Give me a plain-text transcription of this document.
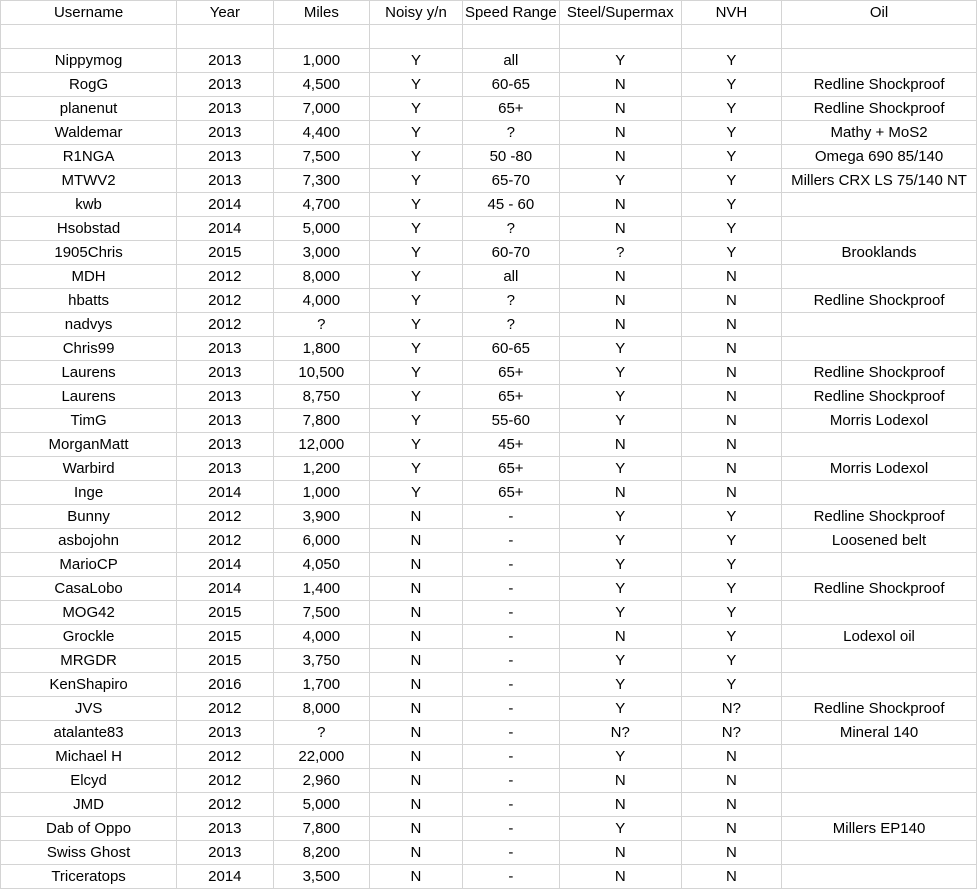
Username	Year	Miles	Noisy y/n	Speed Range	Steel/Supermax	NVH	Oil

Nippymog	2013	1,000	Y	all	Y	Y	
RogG	2013	4,500	Y	60-65	N	Y	Redline Shockproof
planenut	2013	7,000	Y	65+	N	Y	Redline Shockproof
Waldemar	2013	4,400	Y	?	N	Y	Mathy + MoS2
R1NGA	2013	7,500	Y	50 -80	N	Y	Omega 690 85/140
MTWV2	2013	7,300	Y	65-70	Y	Y	Millers CRX LS 75/140 NT
kwb	2014	4,700	Y	45 - 60	N	Y	
Hsobstad	2014	5,000	Y	?	N	Y	
1905Chris	2015	3,000	Y	60-70	?	Y	Brooklands
MDH	2012	8,000	Y	all	N	N	
hbatts	2012	4,000	Y	?	N	N	Redline Shockproof
nadvys	2012	?	Y	?	N	N	
Chris99	2013	1,800	Y	60-65	Y	N	
Laurens	2013	10,500	Y	65+	Y	N	Redline Shockproof
Laurens	2013	8,750	Y	65+	Y	N	Redline Shockproof
TimG	2013	7,800	Y	55-60	Y	N	Morris Lodexol
MorganMatt	2013	12,000	Y	45+	N	N	
Warbird	2013	1,200	Y	65+	Y	N	Morris Lodexol
Inge	2014	1,000	Y	65+	N	N	
Bunny	2012	3,900	N	-	Y	Y	Redline Shockproof
asbojohn	2012	6,000	N	-	Y	Y	Loosened belt
MarioCP	2014	4,050	N	-	Y	Y	
CasaLobo	2014	1,400	N	-	Y	Y	Redline Shockproof
MOG42	2015	7,500	N	-	Y	Y	
Grockle	2015	4,000	N	-	N	Y	Lodexol oil
MRGDR	2015	3,750	N	-	Y	Y	
KenShapiro	2016	1,700	N	-	Y	Y	
JVS	2012	8,000	N	-	Y	N?	Redline Shockproof
atalante83	2013	?	N	-	N?	N?	Mineral 140
Michael H	2012	22,000	N	-	Y	N	
Elcyd	2012	2,960	N	-	N	N	
JMD	2012	5,000	N	-	N	N	
Dab of Oppo	2013	7,800	N	-	Y	N	Millers EP140
Swiss Ghost	2013	8,200	N	-	N	N	
Triceratops	2014	3,500	N	-	N	N	
